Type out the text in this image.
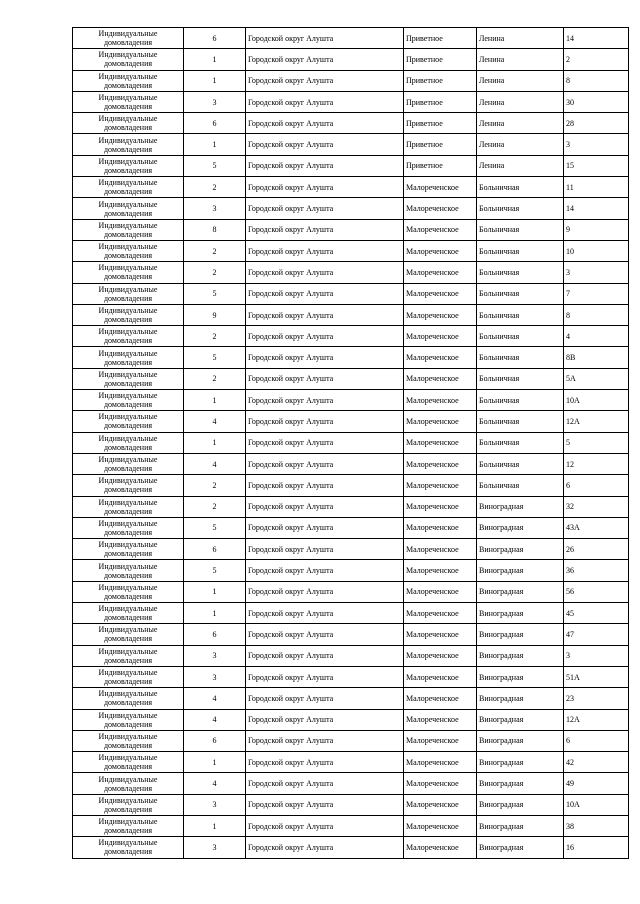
Индивидуальные домовладения	6	Городской округ Алушта	Приветное	Ленина	14
Индивидуальные домовладения	1	Городской округ Алушта	Приветное	Ленина	2
Индивидуальные домовладения	1	Городской округ Алушта	Приветное	Ленина	8
Индивидуальные домовладения	3	Городской округ Алушта	Приветное	Ленина	30
Индивидуальные домовладения	6	Городской округ Алушта	Приветное	Ленина	28
Индивидуальные домовладения	1	Городской округ Алушта	Приветное	Ленина	3
Индивидуальные домовладения	5	Городской округ Алушта	Приветное	Ленина	15
Индивидуальные домовладения	2	Городской округ Алушта	Малореченское	Больничная	11
Индивидуальные домовладения	3	Городской округ Алушта	Малореченское	Больничная	14
Индивидуальные домовладения	8	Городской округ Алушта	Малореченское	Больничная	9
Индивидуальные домовладения	2	Городской округ Алушта	Малореченское	Больничная	10
Индивидуальные домовладения	2	Городской округ Алушта	Малореченское	Больничная	3
Индивидуальные домовладения	5	Городской округ Алушта	Малореченское	Больничная	7
Индивидуальные домовладения	9	Городской округ Алушта	Малореченское	Больничная	8
Индивидуальные домовладения	2	Городской округ Алушта	Малореченское	Больничная	4
Индивидуальные домовладения	5	Городской округ Алушта	Малореченское	Больничная	8В
Индивидуальные домовладения	2	Городской округ Алушта	Малореченское	Больничная	5А
Индивидуальные домовладения	1	Городской округ Алушта	Малореченское	Больничная	10А
Индивидуальные домовладения	4	Городской округ Алушта	Малореченское	Больничная	12А
Индивидуальные домовладения	1	Городской округ Алушта	Малореченское	Больничная	5
Индивидуальные домовладения	4	Городской округ Алушта	Малореченское	Больничная	12
Индивидуальные домовладения	2	Городской округ Алушта	Малореченское	Больничная	6
Индивидуальные домовладения	2	Городской округ Алушта	Малореченское	Виноградная	32
Индивидуальные домовладения	5	Городской округ Алушта	Малореченское	Виноградная	43А
Индивидуальные домовладения	6	Городской округ Алушта	Малореченское	Виноградная	26
Индивидуальные домовладения	5	Городской округ Алушта	Малореченское	Виноградная	36
Индивидуальные домовладения	1	Городской округ Алушта	Малореченское	Виноградная	56
Индивидуальные домовладения	1	Городской округ Алушта	Малореченское	Виноградная	45
Индивидуальные домовладения	6	Городской округ Алушта	Малореченское	Виноградная	47
Индивидуальные домовладения	3	Городской округ Алушта	Малореченское	Виноградная	3
Индивидуальные домовладения	3	Городской округ Алушта	Малореченское	Виноградная	51А
Индивидуальные домовладения	4	Городской округ Алушта	Малореченское	Виноградная	23
Индивидуальные домовладения	4	Городской округ Алушта	Малореченское	Виноградная	12А
Индивидуальные домовладения	6	Городской округ Алушта	Малореченское	Виноградная	6
Индивидуальные домовладения	1	Городской округ Алушта	Малореченское	Виноградная	42
Индивидуальные домовладения	4	Городской округ Алушта	Малореченское	Виноградная	49
Индивидуальные домовладения	3	Городской округ Алушта	Малореченское	Виноградная	10А
Индивидуальные домовладения	1	Городской округ Алушта	Малореченское	Виноградная	38
Индивидуальные домовладения	3	Городской округ Алушта	Малореченское	Виноградная	16
